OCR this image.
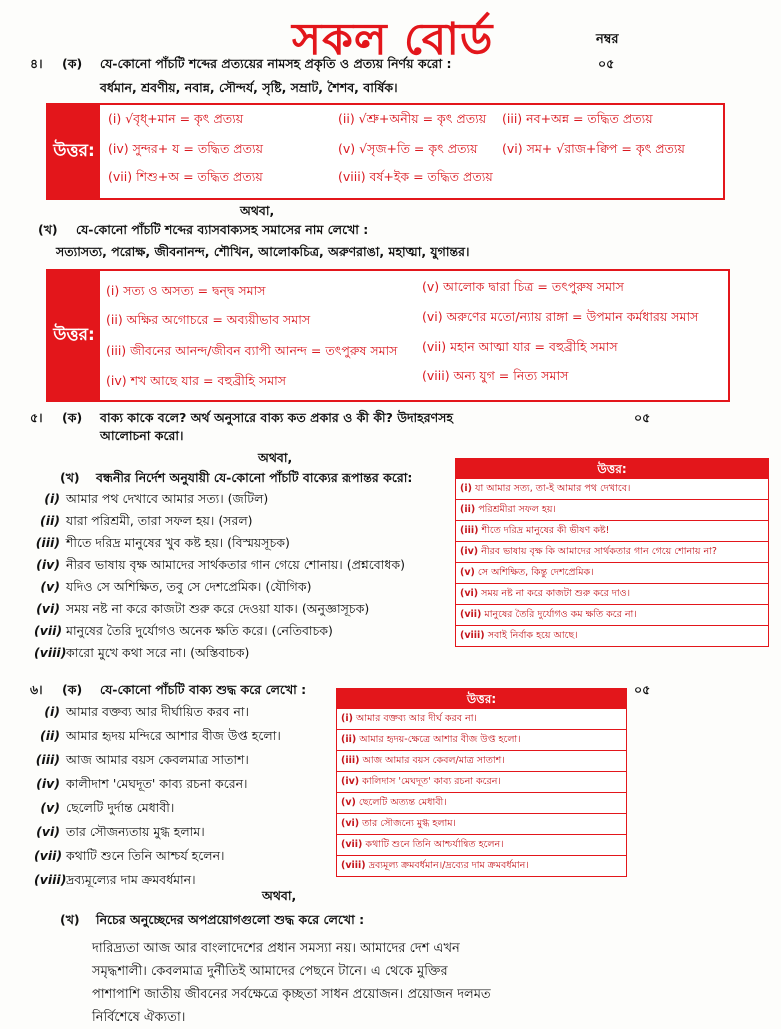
সকল বোর্ড	নম্বর
৪। (ক) যে-কোনো পাঁচটি শব্দের প্রত্যয়ের নামসহ প্রকৃতি ও প্রত্যয় নির্ণয় করো :	০৫
বর্ধমান, শ্রবণীয়, নবান্ন, সৌন্দর্য, সৃষ্টি, সম্রাট, শৈশব, বার্ষিক।
উত্তর:
(i) √বৃধ্+মান = কৃৎ প্রত্যয়	(ii) √শ্রু+অনীয় = কৃৎ প্রত্যয় (iii) নব+অন্ন = তদ্ধিত প্রত্যয়
(iv) সুন্দর+ য = তদ্ধিত প্রত্যয়	(v) √সৃজ+তি = কৃৎ প্রত্যয় (vi) সম+ √রাজ+ক্বিপ = কৃৎ প্রত্যয়
(vii) শিশু+অ = তদ্ধিত প্রত্যয়	(viii) বর্ষ+ইক = তদ্ধিত প্রত্যয়
অথবা,
(খ) যে-কোনো পাঁচটি শব্দের ব্যাসবাক্যসহ সমাসের নাম লেখো :
সত্যাসত্য, পরোক্ষ, জীবনানন্দ, শৌখিন, আলোকচিত্র, অরুণরাঙা, মহাত্মা, যুগান্তর।
উত্তর:
(i) সত্য ও অসত্য = দ্বন্দ্ব সমাস
(ii) অক্ষির অগোচরে = অব্যয়ীভাব সমাস
(iii) জীবনের আনন্দ/জীবন ব্যাপী আনন্দ = তৎপুরুষ সমাস
(iv) শখ আছে যার = বহুব্রীহি সমাস
(v) আলোক দ্বারা চিত্র = তৎপুরুষ সমাস
(vi) অরুণের মতো/ন্যায় রাঙ্গা = উপমান কর্মধারয় সমাস
(vii) মহান আত্মা যার = বহুব্রীহি সমাস
(viii) অন্য যুগ = নিত্য সমাস
৫। (ক) বাক্য কাকে বলে? অর্থ অনুসারে বাক্য কত প্রকার ও কী কী? উদাহরণসহ
আলোচনা করো।
০৫
অথবা,
(খ) বন্ধনীর নির্দেশ অনুযায়ী যে-কোনো পাঁচটি বাক্যের রূপান্তর করো:
(i) আমার পথ দেখাবে আমার সত্য। (জটিল)
(ii) যারা পরিশ্রমী, তারা সফল হয়। (সরল)
(iii) শীতে দরিদ্র মানুষের খুব কষ্ট হয়। (বিস্ময়সূচক)
(iv) নীরব ভাষায় বৃক্ষ আমাদের সার্থকতার গান গেয়ে শোনায়। (প্রশ্নবোধক)
(v) যদিও সে অশিক্ষিত, তবু সে দেশপ্রেমিক। (যৌগিক)
(vi) সময় নষ্ট না করে কাজটা শুরু করে দেওয়া যাক। (অনুজ্ঞাসূচক)
(vii) মানুষের তৈরি দুর্যোগও অনেক ক্ষতি করে। (নেতিবাচক)
(viii)কারো মুখে কথা সরে না। (অস্তিবাচক)
উত্তর:
(i) যা আমার সত্য, তা-ই আমার পথ দেখাবে।
(ii) পরিশ্রমীরা সফল হয়।
(iii) শীতে দরিদ্র মানুষের কী ভীষণ কষ্ট!
(iv) নীরব ভাষায় বৃক্ষ কি আমাদের সার্থকতার গান গেয়ে শোনায় না?
(v) সে অশিক্ষিত, কিন্তু দেশপ্রেমিক।
(vi) সময় নষ্ট না করে কাজটা শুরু করে দাও।
(vii) মানুষের তৈরি দুর্যোগও কম ক্ষতি করে না।
(viii) সবাই নির্বাক হয়ে আছে।
৬। (ক) যে-কোনো পাঁচটি বাক্য শুদ্ধ করে লেখো :	০৫
(i) আমার বক্তব্য আর দীর্ঘায়িত করব না।
(ii) আমার হৃদয় মন্দিরে আশার বীজ উপ্ত হলো।
(iii) আজ আমার বয়স কেবলমাত্র সাতাশ।
(iv) কালীদাশ 'মেঘদূত' কাব্য রচনা করেন।
(v) ছেলেটি দুর্দান্ত মেধাবী।
(vi) তার সৌজন্যতায় মুগ্ধ হলাম।
(vii) কথাটি শুনে তিনি আশ্চর্য হলেন।
(viii)দ্রব্যমূল্যের দাম ক্রমবর্ধমান।
উত্তর:
(i) আমার বক্তব্য আর দীর্ঘ করব না।
(ii) আমার হৃদয়-ক্ষেত্রে আশার বীজ উপ্ত হলো।
(iii) আজ আমার বয়স কেবল/মাত্র সাতাশ।
(iv) কালিদাস 'মেঘদূত' কাব্য রচনা করেন।
(v) ছেলেটি অত্যন্ত মেধাবী।
(vi) তার সৌজন্যে মুগ্ধ হলাম।
(vii) কথাটি শুনে তিনি আশ্চর্যান্বিত হলেন।
(viii) দ্রব্যমূল্য ক্রমবর্ধমান।/দ্রব্যের দাম ক্রমবর্ধমান।
অথবা,
(খ) নিচের অনুচ্ছেদের অপপ্রয়োগগুলো শুদ্ধ করে লেখো :
দারিদ্র্যতা আজ আর বাংলাদেশের প্রধান সমস্যা নয়। আমাদের দেশ এখন
সমৃদ্ধশালী। কেবলমাত্র দুর্নীতিই আমাদের পেছনে টানে। এ থেকে মুক্তির
পাশাপাশি জাতীয় জীবনের সর্বক্ষেত্রে কৃচ্ছতা সাধন প্রয়োজন। প্রয়োজন দলমত
নির্বিশেষে ঐক্যতা।
